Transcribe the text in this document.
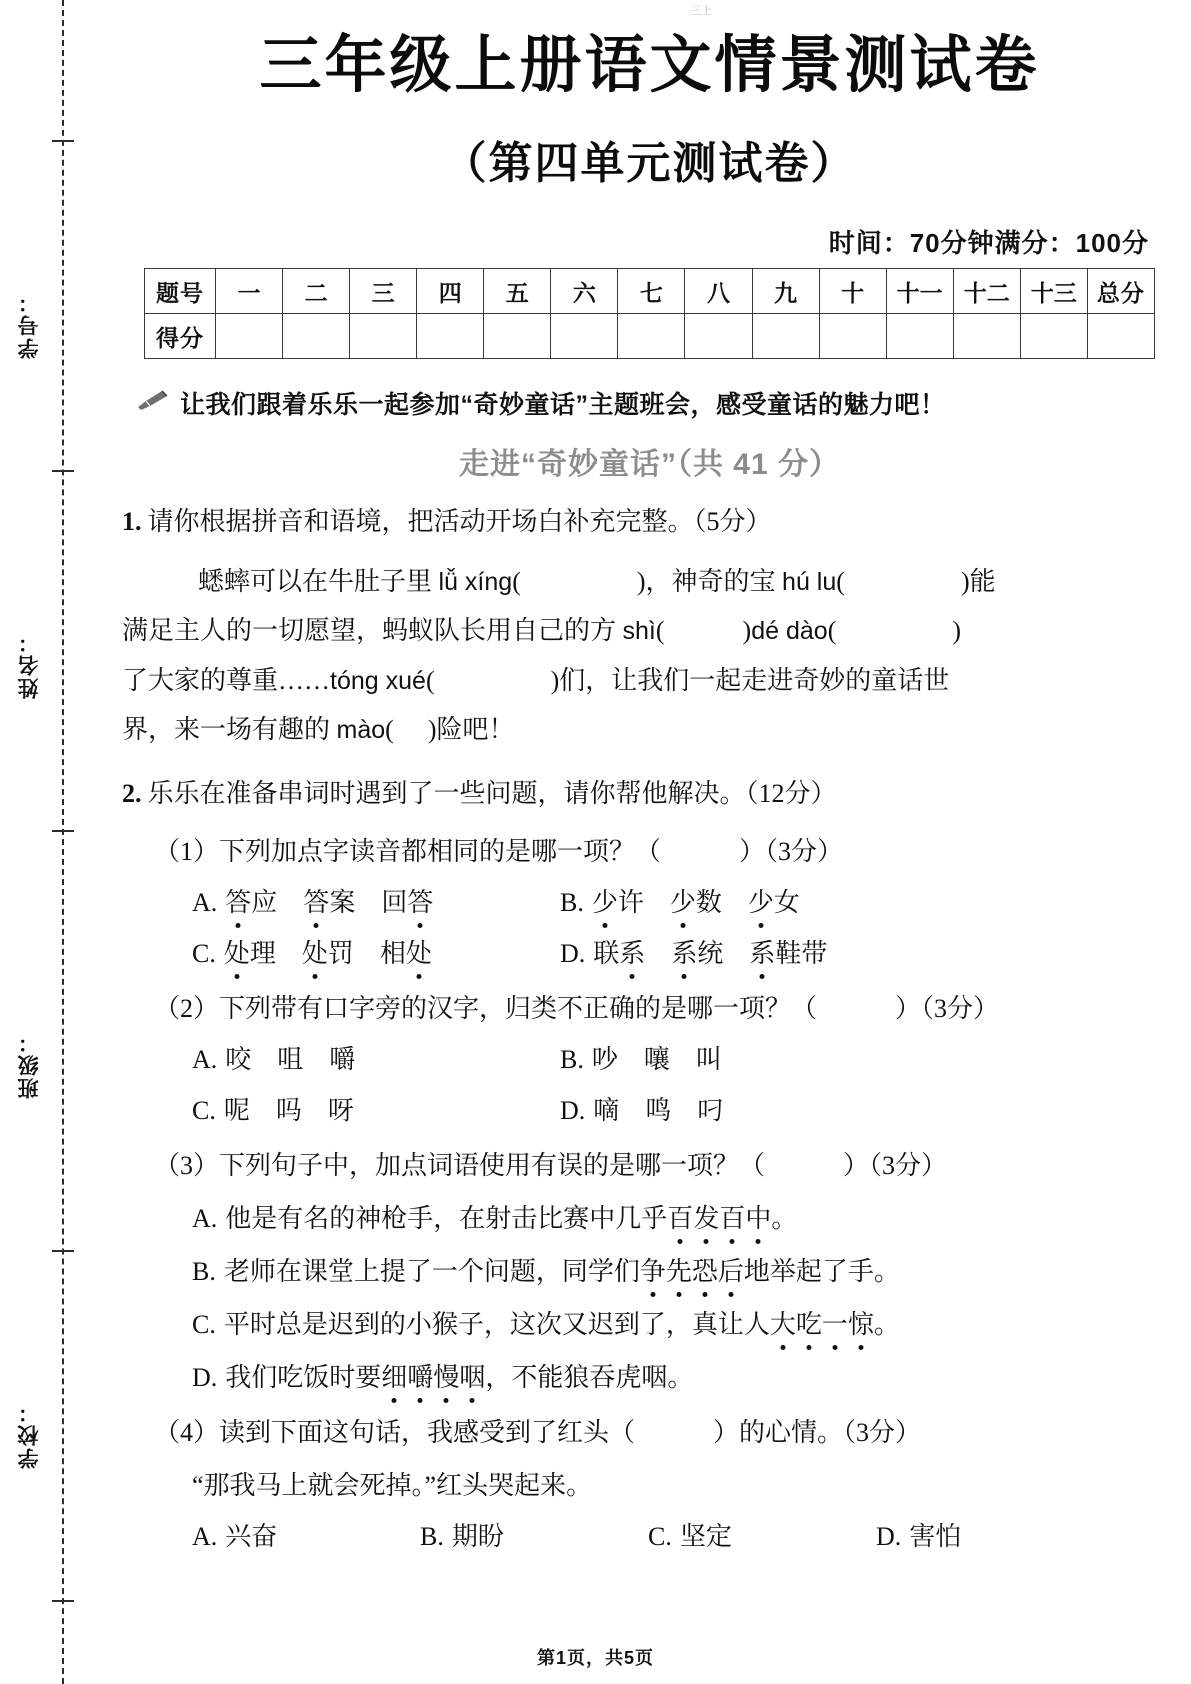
三上
学号：
姓名：
班级：
学校：
三年级上册语文情景测试卷
（第四单元测试卷）
时间：70分钟满分：100分
题号	一	二	三	四	五	六	七	八	九	十	十一	十二	十三	总分
得分														
让我们跟着乐乐一起参加“奇妙童话”主题班会，感受童话的魅力吧！
走进“奇妙童话”（共 41 分）
1. 请你根据拼音和语境，把活动开场白补充完整。（5分）
蟋蟀可以在牛肚子里 lǚ xíng(	)，神奇的宝 hú lu(	)能
满足主人的一切愿望，蚂蚁队长用自己的方 shì(	)dé dào(	)
了大家的尊重……tóng xué(	)们，让我们一起走进奇妙的童话世
界，来一场有趣的 mào( )险吧！
2. 乐乐在准备串词时遇到了一些问题，请你帮他解决。（12分）
（1）下列加点字读音都相同的是哪一项？（	）（3分）
A. 答应 答案 回答	B. 少许 少数 少女
C. 处理 处罚 相处	D. 联系 系统 系鞋带
（2）下列带有口字旁的汉字，归类不正确的是哪一项？（	）（3分）
A. 咬 咀 嚼	B. 吵 嚷 叫
C. 呢 吗 呀	D. 嘀 鸣 叼
（3）下列句子中，加点词语使用有误的是哪一项？（	）（3分）
A. 他是有名的神枪手，在射击比赛中几乎百发百中。
B. 老师在课堂上提了一个问题，同学们争先恐后地举起了手。
C. 平时总是迟到的小猴子，这次又迟到了，真让人大吃一惊。
D. 我们吃饭时要细嚼慢咽，不能狼吞虎咽。
（4）读到下面这句话，我感受到了红头（	）的心情。（3分）
“那我马上就会死掉。”红头哭起来。
A. 兴奋	B. 期盼	C. 坚定	D. 害怕
第1页，共5页
